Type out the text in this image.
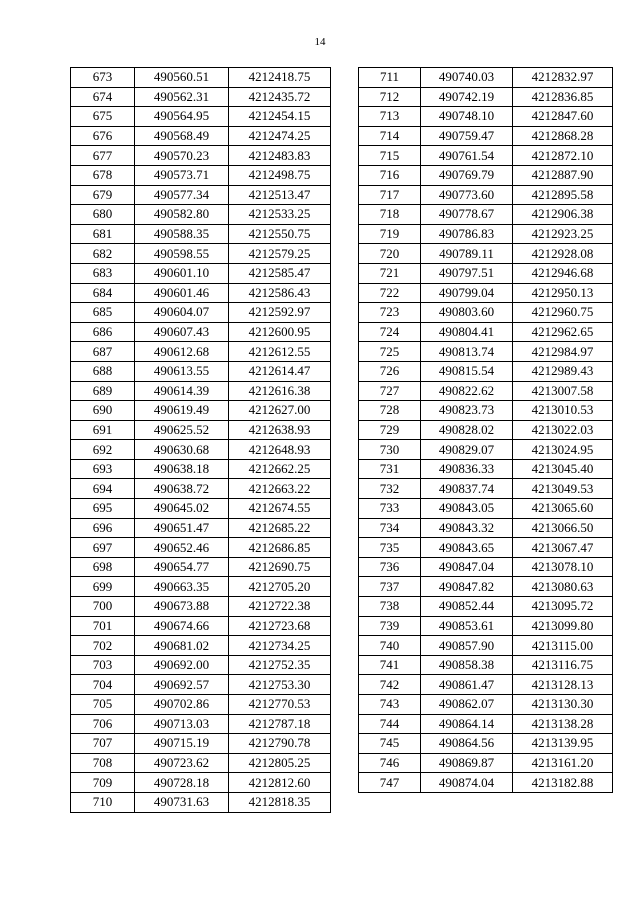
14
673	490560.51	4212418.75
674	490562.31	4212435.72
675	490564.95	4212454.15
676	490568.49	4212474.25
677	490570.23	4212483.83
678	490573.71	4212498.75
679	490577.34	4212513.47
680	490582.80	4212533.25
681	490588.35	4212550.75
682	490598.55	4212579.25
683	490601.10	4212585.47
684	490601.46	4212586.43
685	490604.07	4212592.97
686	490607.43	4212600.95
687	490612.68	4212612.55
688	490613.55	4212614.47
689	490614.39	4212616.38
690	490619.49	4212627.00
691	490625.52	4212638.93
692	490630.68	4212648.93
693	490638.18	4212662.25
694	490638.72	4212663.22
695	490645.02	4212674.55
696	490651.47	4212685.22
697	490652.46	4212686.85
698	490654.77	4212690.75
699	490663.35	4212705.20
700	490673.88	4212722.38
701	490674.66	4212723.68
702	490681.02	4212734.25
703	490692.00	4212752.35
704	490692.57	4212753.30
705	490702.86	4212770.53
706	490713.03	4212787.18
707	490715.19	4212790.78
708	490723.62	4212805.25
709	490728.18	4212812.60
710	490731.63	4212818.35
711	490740.03	4212832.97
712	490742.19	4212836.85
713	490748.10	4212847.60
714	490759.47	4212868.28
715	490761.54	4212872.10
716	490769.79	4212887.90
717	490773.60	4212895.58
718	490778.67	4212906.38
719	490786.83	4212923.25
720	490789.11	4212928.08
721	490797.51	4212946.68
722	490799.04	4212950.13
723	490803.60	4212960.75
724	490804.41	4212962.65
725	490813.74	4212984.97
726	490815.54	4212989.43
727	490822.62	4213007.58
728	490823.73	4213010.53
729	490828.02	4213022.03
730	490829.07	4213024.95
731	490836.33	4213045.40
732	490837.74	4213049.53
733	490843.05	4213065.60
734	490843.32	4213066.50
735	490843.65	4213067.47
736	490847.04	4213078.10
737	490847.82	4213080.63
738	490852.44	4213095.72
739	490853.61	4213099.80
740	490857.90	4213115.00
741	490858.38	4213116.75
742	490861.47	4213128.13
743	490862.07	4213130.30
744	490864.14	4213138.28
745	490864.56	4213139.95
746	490869.87	4213161.20
747	490874.04	4213182.88
